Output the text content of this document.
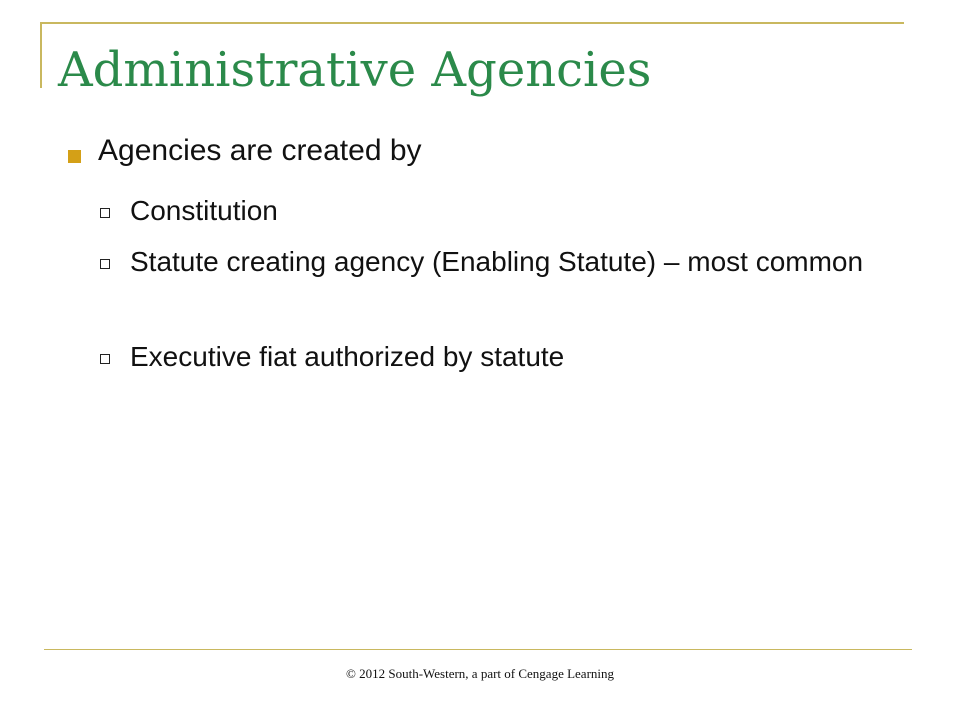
Administrative Agencies
Agencies are created by
Constitution
Statute creating agency (Enabling Statute) – most common
Executive fiat authorized by statute
© 2012 South-Western, a part of Cengage Learning
